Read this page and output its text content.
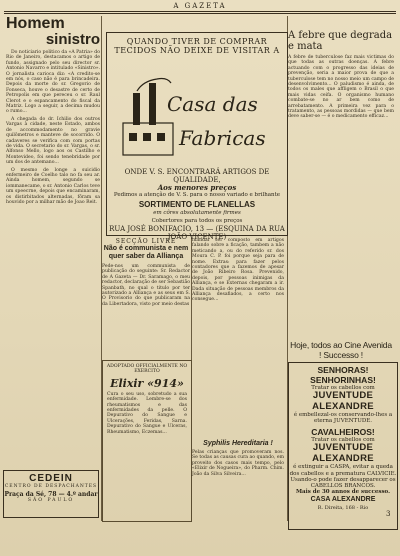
A GAZETA
Homem
sinistro

Do noticiario politico da «A Patria» do Rio de Janeiro, destacamos o artigo de fundo, assignado pelo seu director sr. Antonio Navarro e intitulado «Sinistro». O jornalista carioca diz: «A credito-se em nós, o caso não é para brincadeira. Depois da morte do sr. Gregorio de Fonseca, houve o desastre de certo de Petropolis em que pereceu o sr. Raul Clerot e o espancamento do fiscal da Matriz. Logo a seguir, a decima mudou o rumo...

A chegada do dr. Ichilio dos outros Vargas à cidade, neste Estado, ambos de accommodamento no gravie quilômetros e manteve de socorrido. O cadaveres se verifica com com portas de vida. O secretario do sr. Vargas, o sr. Alfonso Mello, logo aos os Castilho e Montevideo, foi sendo tenebridade por um dos de antemano...

O mesmo de longe a suicidio enfermeiro de Coelho talo no fa seu ar. Ainda homem, segundo se iommanecame, o sr. Antonio Carlos teve um speecrne, depois que encaminaram, os distirbitados alternadas, fôram sa houvido por a milhar mão de Joao Reit.

CEDEIN
CENTRO DE DESPACHANTES
Praça da Sé, 78 — 4.º andar
SÃO PAULO
QUANDO TIVER DE COMPRAR TECIDOS NÃO DEIXE DE VISITAR A
Casa das
Fabricas
ONDE V. S. ENCONTRARÁ ARTIGOS DE QUALIDADE,
Aos menores preços
Pedimos a atenção de V. S. para o nosso variado e brilhante
SORTIMENTO DE FLANELLAS
em côres absolutamente firmes
Cobertores para todos os preços
RUA JOSÉ BONIFACIO, 13 — (ESQUINA DA RUA JOÃO VICENTE)
SECÇÃO LIVRE
Não é communista e nem quer saber da Alliança
Pede-nos um communista de publicação do seguinte: Sr. Redactor de A Gazeta — Dr. Saramago, o meu redactor, declaração de ser Sebastião Spanbath, no qual o titulo por ter autorizado a Alliança e as seus em S. O Provisorio do que publicaram na da Libertadora, visto por meio destas
mandar ser composto em artigos falando sobre a ficação, tambem a não meticando a, ou do referido sr. dos Moura C. P. foi porque seja para de nome. Extras: para fazer pelos contadores que a fazemos de apesar de João Ribeiro Rosa. Prevenido, depois, por pessoas inimigas da Alliança, e se Externas chegaram a ir. Dada situação de pessoas membros da Alliança desafiados, a certo nos consegue...
ADOPTADO OFFICIALMENTE NO EXERCITO
Elixir «914»
Cura o seu uso, sobretudo a sua enfermidade. Lembre-se dos rheumatismos e das enfermidades da pelle. O Depurativo do Sangue e Ulcerações, Feridas, Sarna. Depurativo do Sangue e Ulceras, Rheumatismo, Eczemas...
Syphilis Hereditaria !
Pelas crianças que promoveram nos. Se todas as causas cura ao quando, em proveito dos casos mais tempo, pelo «Elixir de Nogueira», do Pharm. Chim. João da Silva Silveira...
A febre que degrada e mata
A febre de tuberculose faz mais victimas do que todas as outras doenças. A febre actuando com o progresso das ideias de prevenção, seria a maior prova de que a tuberculose tem no nosso meio um campo de desenvolvimento... O paludismo é ainda, de todos os males que affligem o Brasil o que mais vidas ceifa. O organismo humano combate-se no ar bem como de arrebatamento. A primeira vez para o tratamento, as pessoas mordidas — que bem deve saber-se — é o medicamento efficaz...
Hoje, todos ao Cine Avenida ! Successo !
SENHORAS!
SENHORINHAS!
Tratar os cabellos com
JUVENTUDE ALEXANDRE
é embellezal-os conservando-lhes a eterna JUVENTUDE.
CAVALHEIROS!
Tratar os cabellos com
JUVENTUDE ALEXANDRE
é extinguir a CASPA, evitar a queda dos cabellos e a prematura CALVICIE.
Usando-o pode fazer desapparecer os CABELLOS BRANCOS.
Mais de 30 annos de successo.
CASA ALEXANDRE
R. Direita, 168 - Rio
3
